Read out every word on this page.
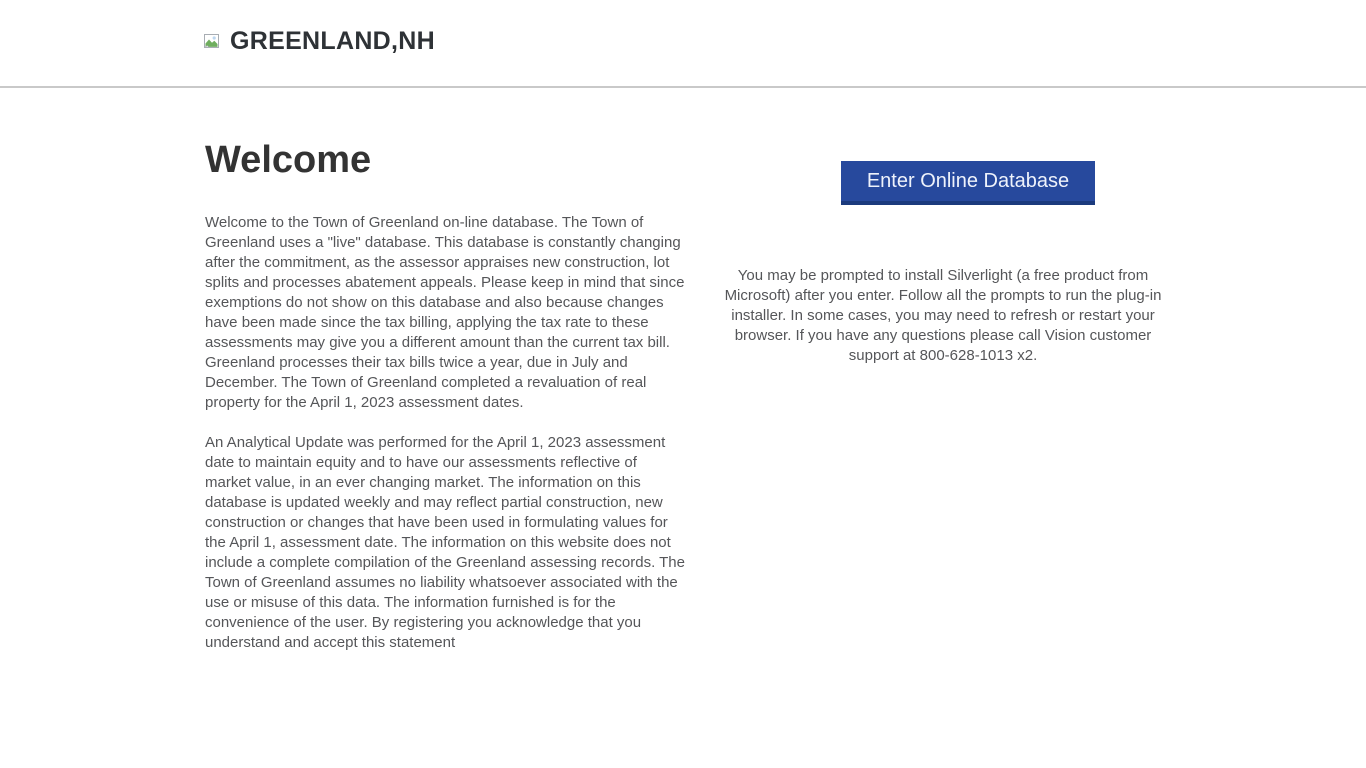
GREENLAND,NH
Welcome

Welcome to the Town of Greenland on-line database. The Town of Greenland uses a "live" database. This database is constantly changing after the commitment, as the assessor appraises new construction, lot splits and processes abatement appeals. Please keep in mind that since exemptions do not show on this database and also because changes have been made since the tax billing, applying the tax rate to these assessments may give you a different amount than the current tax bill. Greenland processes their tax bills twice a year, due in July and December. The Town of Greenland completed a revaluation of real property for the April 1, 2023 assessment dates.

An Analytical Update was performed for the April 1, 2023 assessment date to maintain equity and to have our assessments reflective of market value, in an ever changing market. The information on this database is updated weekly and may reflect partial construction, new construction or changes that have been used in formulating values for the April 1, assessment date. The information on this website does not include a complete compilation of the Greenland assessing records. The Town of Greenland assumes no liability whatsoever associated with the use or misuse of this data. The information furnished is for the convenience of the user. By registering you acknowledge that you understand and accept this statement

Enter Online Database

You may be prompted to install Silverlight (a free product from Microsoft) after you enter. Follow all the prompts to run the plug-in installer. In some cases, you may need to refresh or restart your browser. If you have any questions please call Vision customer support at 800-628-1013 x2.
